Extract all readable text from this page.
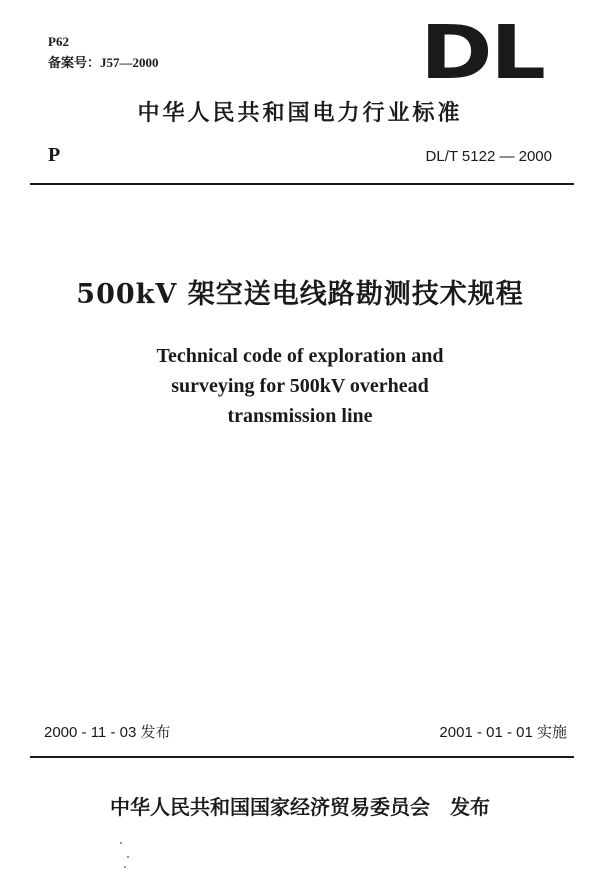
P62
备案号：J57—2000	DL
中华人民共和国电力行业标准
P	DL/T 5122 — 2000
500kV 架空送电线路勘测技术规程
Technical code of exploration and
surveying for 500kV overhead
transmission line
2000 - 11 - 03 发布	2001 - 01 - 01 实施
中华人民共和国国家经济贸易委员会　发布
